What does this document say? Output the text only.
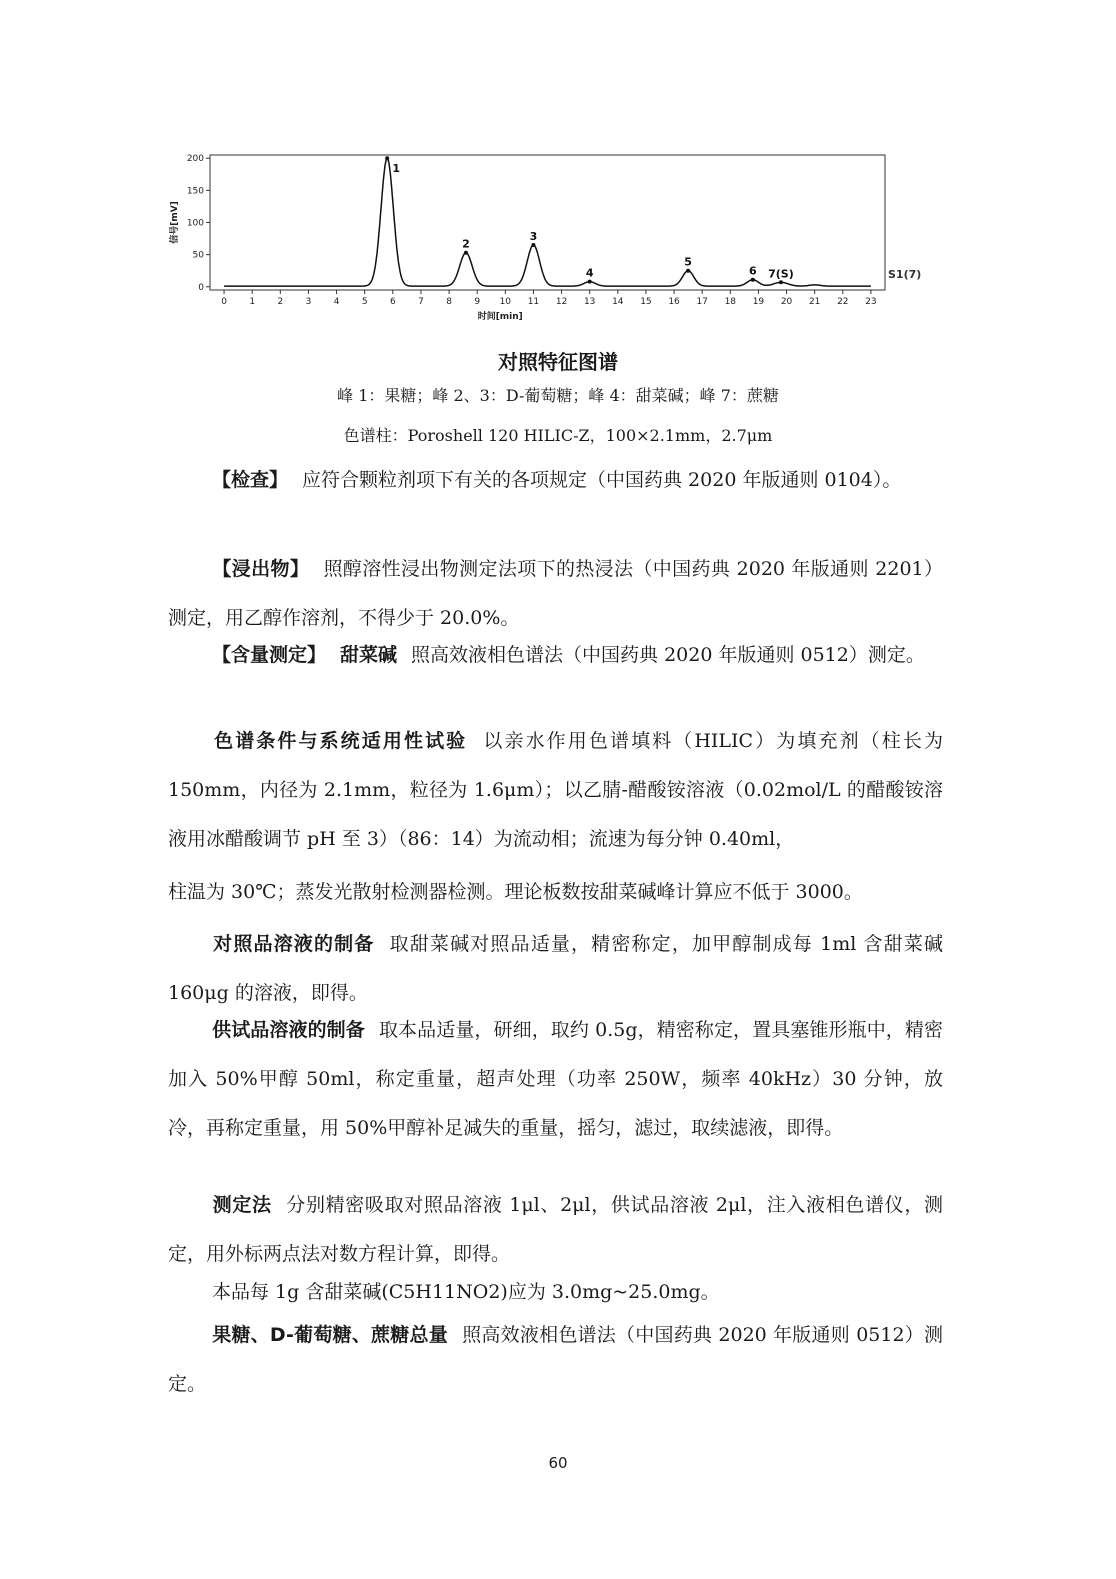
0
50
100
150
200
0 1 2 3 4 5 6 7 8 9 10 11 12 13 14 15 16 17 18 19 20 21 22 23
时间[min]
信号[mV]
1
2
3
4
5
6 7(S)	S1(7)
对照特征图谱
峰 1：果糖；峰 2、3：D-葡萄糖；峰 4：甜菜碱；峰 7：蔗糖
色谱柱：Poroshell 120 HILIC-Z，100×2.1mm，2.7μm
【检查】 应符合颗粒剂项下有关的各项规定（中国药典 2020 年版通则 0104）。
【浸出物】 照醇溶性浸出物测定法项下的热浸法（中国药典 2020 年版通则 2201）测定，用乙醇作溶剂，不得少于 20.0%。
【含量测定】 甜菜碱 照高效液相色谱法（中国药典 2020 年版通则 0512）测定。
色谱条件与系统适用性试验 以亲水作用色谱填料（HILIC）为填充剂（柱长为 150mm，内径为 2.1mm，粒径为 1.6μm）；以乙腈-醋酸铵溶液（0.02mol/L 的醋酸铵溶液用冰醋酸调节 pH 至 3）（86：14）为流动相；流速为每分钟 0.40ml，
柱温为 30℃；蒸发光散射检测器检测。理论板数按甜菜碱峰计算应不低于 3000。
对照品溶液的制备 取甜菜碱对照品适量，精密称定，加甲醇制成每 1ml 含甜菜碱 160μg 的溶液，即得。
供试品溶液的制备 取本品适量，研细，取约 0.5g，精密称定，置具塞锥形瓶中，精密加入 50%甲醇 50ml，称定重量，超声处理（功率 250W，频率 40kHz）30 分钟，放冷，再称定重量，用 50%甲醇补足减失的重量，摇匀，滤过，取续滤液，即得。
测定法 分别精密吸取对照品溶液 1μl、2μl，供试品溶液 2μl，注入液相色谱仪，测定，用外标两点法对数方程计算，即得。
本品每 1g 含甜菜碱(C5H11NO2)应为 3.0mg~25.0mg。
果糖、D-葡萄糖、蔗糖总量 照高效液相色谱法（中国药典 2020 年版通则 0512）测定。
60
